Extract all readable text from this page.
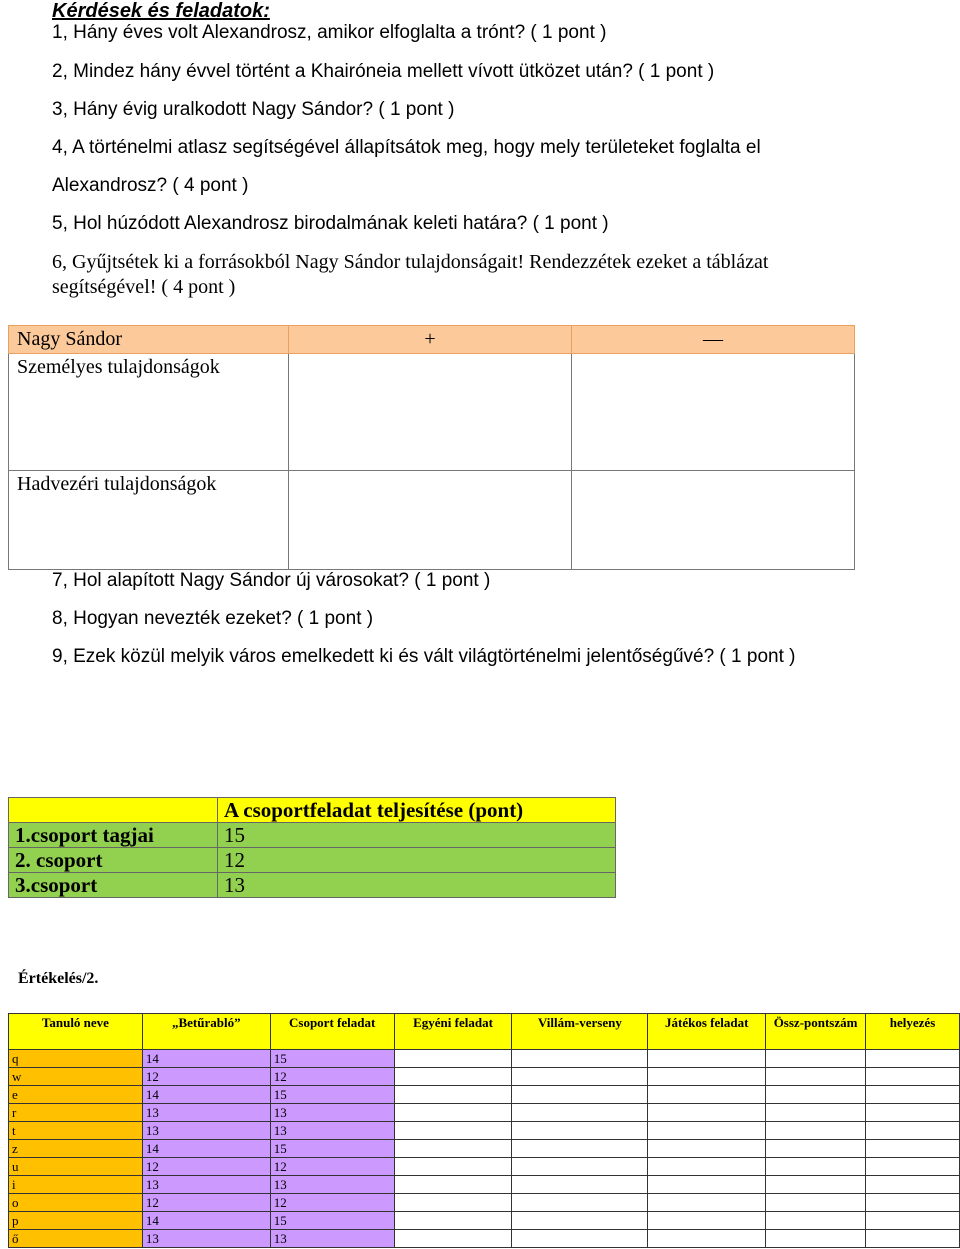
Kérdések és feladatok:
1, Hány éves volt Alexandrosz, amikor elfoglalta a trónt? ( 1 pont )
2, Mindez hány évvel történt a Khairóneia mellett vívott ütközet után? ( 1 pont )
3, Hány évig uralkodott Nagy Sándor? ( 1 pont )
4, A történelmi atlasz segítségével állapítsátok meg, hogy mely területeket foglalta el
Alexandrosz? ( 4 pont )
5, Hol húzódott Alexandrosz birodalmának keleti határa? ( 1 pont )
6, Gyűjtsétek ki a forrásokból Nagy Sándor tulajdonságait! Rendezzétek ezeket a táblázat
segítségével! ( 4 pont )
Nagy Sándor	+	—
Személyes tulajdonságok		
Hadvezéri tulajdonságok		
7, Hol alapított Nagy Sándor új városokat? ( 1 pont )
8, Hogyan nevezték ezeket? ( 1 pont )
9, Ezek közül melyik város emelkedett ki és vált világtörténelmi jelentőségűvé? ( 1 pont )
	A csoportfeladat teljesítése (pont)
1.csoport tagjai	15
2. csoport	12
3.csoport	13
Értékelés/2.
Tanuló neve	„Betűrabló”	Csoport feladat	Egyéni feladat	Villám-verseny	Játékos feladat	Össz-pontszám	helyezés
q	14	15					
w	12	12					
e	14	15					
r	13	13					
t	13	13					
z	14	15					
u	12	12					
i	13	13					
o	12	12					
p	14	15					
ő	13	13					
